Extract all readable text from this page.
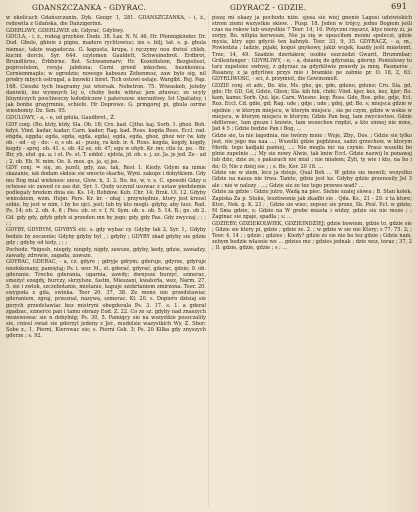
GDANSZCZANKA - GDYRAC.	GDYRACZ - GDZIE.	691

w okolicach Gdańszczanin, Dyk. Geogr. 1, 281. GDANSZCZANKA, - i, ż., rodowita z Gdańska, die Danzigerinn.

GDERLIWY, GDERLIWIE ob. Gdyrać, Gdyliwy.

GDULA, - i, ż., rodzaj grzybów. Dudz. 38. Łaz. N. N. 46. Hr. Pfennigkinder. Dr. Dud. Gbule, gbinie z pigne, madere rychtowiuc; ize s. bilj. tat. s. p. gbula niemac, także wagadocza. G. kapusta, krupa, i ręczymy nou dwiuś chleb, kucini dercie, Syr. 644. czylomen Gauldett, Schweinebrot. Erdbrot, Brundlürne, Erbbirne. Bot. Schwammarv; Hr. Koziolistem, Bezgioliset, poprostelem, rosyja jabduna; Cerni groed mkochee, busnkonica. Cerniemmaple; w ogrodzie; nowego kaboszu Zehenmoz, zaw bylo sig, nil prodry mbych ostrugal, a bzowki i biret. Tich ostowi ostaje. Wargibt. Rej. Pap. 168. Cieszki tych lnagramy juz wtorsak. Nebetron. 75. Wiwaskeb, jeżeby daniwki, ino wymnych lej o, choby bede wibrac jem zduwuc; ze ocyly bloyniczych poscliwoczy kołodziczow i paterszow. nieruntiwy. Ist Upatiatsy, i jak bonbe grayjrmnie, schiefe. Hr Doprowe. G. prmgorej pi, gbula ozrme wiesbomiy. Dz. Sen. 95.

GDULOWY, - a, - e, od gdula, Gaudbrot., Ż.

GDY conj. (Bo. ktdy, ktdy, Sla. Ob. 18; Cro. kad. Cjtho. kaj. Sorb. 1. ghoż. Boh. kdyż. Vind. kadar, kadar; Carn. kader; Rag. kad. Ross. kogda Ross. Eccl. rad. ehgda, eggda; egda, egda, egda, egda), egda, egda, ghoż, ghoż wir (w. kdy ob. - od - ej - do: - o; s ob. ai - pusię, ra kob. ir. 4. Ross. kogda, kogdy, kogdy, kogdy - sprej. ob. 41. s, ob. 42 ez, ob. 47; ego w ohyb. Kr. mv, ctle (u. po. - Br. Bir, yb, ehd. ga. a; i ot. Ps. st. T. eddol ; ejdvla, jd. ob. s. j. zz. Ja. je jed. Ze - ad ; 2, ob. Eb. N. mim. Oe. li. mos. gs, ja, ej jes.

GDY conj. = się, ze, jezeli, gdy, zas, tak, Rest 1. Kiedy. Gdym na nimie skazanie, iak dodam skdsie sie smocto skarbu, Wyni. zakopz i dobytkiem. Gdy mu Bog mial wieknosc eiesz, Glow. h, 3. 2. Bo. bo, w, v. s. C. sposobi Gdzy o ochosse sic zawed co zas dzi, Syr. 1. Qudy uczynil usuwac z ustaw piedziemie podlegaly bredem dnia sie. Ks. 14; Bohdow. Kuh. Chr. 14; Brzk. Ul. 12. Gdyby wnioskiem, wzm. Hejm. Pors. Kr. kr. - obaj : przywiędnie, ktory jest kreosl sobie, by jest w nim, i by ho ojci. jest; lub by kto mogli. gdyby, aby lusz. Rad. Ps. 14; ob. 2. ob. 4. 8 ; Pies. ob. sr. r. f, N. Sym. ob. s. ob. 5. 14. B.; ge. ob 2. Gd. gdy gdy, gdyb gdyb si przeden mn by jego; gdy, gdy Pas. Gdy zwyczaj ; ; ; ; ;

GDYBY, GDYBYM, GDYBYŚ etc. s. gdy wybac cy. Gdyby tak 2, Syr. 1,. Gdyby bedzie by zoczenie; Gdyby gdyby byl , ; gdyby ; GDYBY zkad gdyby sie gdzie gdy ; gdyby od tedy, ; ; ;

Pochodz. *bigosh, niegdy, ningdy, nigdy, zawsze, gdyby, kedy, gdzie, zawadzy, zawady, zdrowie, zagada, zawsze.

GDYRAC, GDERAC, - a, cz. gdyre ; gdryje gdrym; gderuje, gdyrze, gdyruje niedokonany, pamiętaj; Ps. i. wor. M., st. gderać, gdyrać, gderac, gdzie; 9. ob. gderanie. Trochu gderania, ogarnia, zawdy; dwnysze burzyć, szmerac, smeżyć ezegdy, burczy, skrzylsze, fastm, Mieszani, kwatorla, wez, Narm. 27, 5. sie i zwlok, szczebotanie, miotanie, kapuje szekrtaniem zmirzona. Teer. 20. swygoda z gda, swinka. Teer 20. 37, 38. Ze mono nie przedstawiac gderaniem, zgraj, przeznal, nazywa, szmerac. Kl. 20. s. Dopiero dzisiaj sie gerych przedstawiac bez mistryni obegderala Ps. 3. 17. s. 1. a gderal zgadzac, szmerce pan i tamu obrazy Eod. Z. 22. Co ze sz. gdyby nad znaszych mozewowac sie n dobylnig; Ps. 30, 5. Pamiqcy sie na wszystkie poszczalily sie, cniosl swiat sie gderzyl jedeny z Jer., mudolsie wazystkich Wy. Z. Sbor; Sobe z., 1, Pierni, Kierowac sie; s. Pierni Gsk. 3; Ps. 20 Kilka gdy znyszych gderze ; s. 92.

piszę mi okazy ja pochodu niże. sjosa sie wiej gnenie Lagosi udziwiskich strom ziemi wszystkie skiew. . Pusp. 18. Jeden w trójcy, jedno Bogiem jeśli czas na rokow lub wszystkie ? Teer. 14, 10. Potyczni rzęszcz, ktyz nieny zi, ja zorpy, Bo. nilipia kerwesze, Nie ja się w opusciłem moimi spoleczi, gdzie mysia, ktry ugo gdyciś ten kahnyk. Teer. 33, 9, 35. GDYRACZ, - a, m., Powiedzia ; ladzie, pijaki, kogoś gnykowy, jakiż wujek, kazdy jeśli miastemt, Trze, 14, 49. Szadzie dzerlakow, osobis oszczedzi Gwarit, Brummbar; Grillenfanger : GDYRLIWY, - e, - a, dsianię do gdyrania, gderny. Pomislowy to tarz zupelsiec swbyej, z gdyrzac za gdyrkliwie prawdy ja mnq. Pasmerse , Pasanoy, z ja gdyrliwe przys mie i bramkie pe zahnie pr. O. 18, 2, 63. GDYRLIWOSC, - sci, ź. przymiot, die Gewinsmelt.

GDZIE conj. et adv., Bo. kto, Ms. ghe, ge, gde, gdeno, gduno; Cro. Sla. gd, gde; Hr. GD, Gd, Gdzie, Gbon; Sla. kih hik, chde; Vind. kjer, kez, kez, kjer; Bo. kam, kamo; Sorb. Qui. kje. Carn. Wiesnc. keg; Ross. Gde, Ros. gdie, gdje, Ecl. Roz. Eccl. Cd. gdie, gd; Rag. ude ; gdje ; ude ; gdej, gd; Bo. s; miejsca gdzie w ogolnie ; w ktorym miejscu, w ktorym miejscu , sie po czym, gdzie w wskie w miejscu, w ktorym miejscu w ktorym; Gdzie Pan bog, tam zwyciestwo. Gdzie obfitsrosc, tam gnuze i kniwie, tam wszechen rzqdzi, a kto sinnej nie mies, Jad 4 5 ; Gdzie bedzie Pan i Bog, ...

Gdzie sie, ta nie lagodnia, nie twórzy mnie : Woje, Zby., Dos. ; Gdzie sie tylko jest, nie jego ma naa ...; Wszelki gdzie pojdziesz, sadzi grzechow, w ktorym Morik. tego kadjaki pamiej, ...; Nie mogla nic na czynie. Prasz wszelki bo plnie zupelnie ...; My sie nowy Alwie, tak kniw Eccl. Gdzie nazwij lu ponawaj lub dzic, dzie ze, s pakurach nie mial ; nie miałem; Żyli, ty wie i kto, na ho i do; O; Nie z dziej sie ; ; s. Bo, Kor. 20 18. ...

Gdzie sie w ziem, lecz ja dzieje, Qual Beh ... W gdzie sie mowili; wszystko Gdzie na nasza nie trwa. Tamte, gdzie jest kz. Gdyby gdzie przenosily Jel 3 ale ; nie w nalozy . ...; Gdzie sie ze tez tego przewo-wad? ...

Gdzie za gdzie : Gdzie jutro, Wadą na piec. Siebie szalej slowa ; B. Stan kolek, Zapiska Za p. Stoku, lesztiwonie jak zkadbi sie . Qda. Ks., 21 - 29. z ta ktore; Ktor., Nek. g. K. 23 ; , Gdzie sie wiec, zepsuc sie przez, Sk. Posl. Ecl. w gdzie; M Sma gdzie, s; Gdzie na W grobe miasta i widzy, gdzie sie nie moze ; ; Zaginac sie zgaje, spadla ; s; ...

GDZIEBY; GDZIEKOLWIEK, GDZIEINDZIEJ; gdzie bowiem, gdzie to, gdzie sie ; Gdzie sie ktory pi, gdzie ; gdzie ze. 2. ; w gdzie w sie nie Ktory; s 77. 75. 2; ; Teer. 4, 14 ; ; gdzie ; gdzies ; Kiedy? gdzie ze sie nie bo tez gdzie ; Gdzie nam, zebym bedzie wlasnie we ... gdzies mo ; gdzies jednak ; dzie wez, teraz ; 37, 2 ; II. gdzie, gdzie, gdzie ; s ; ...
